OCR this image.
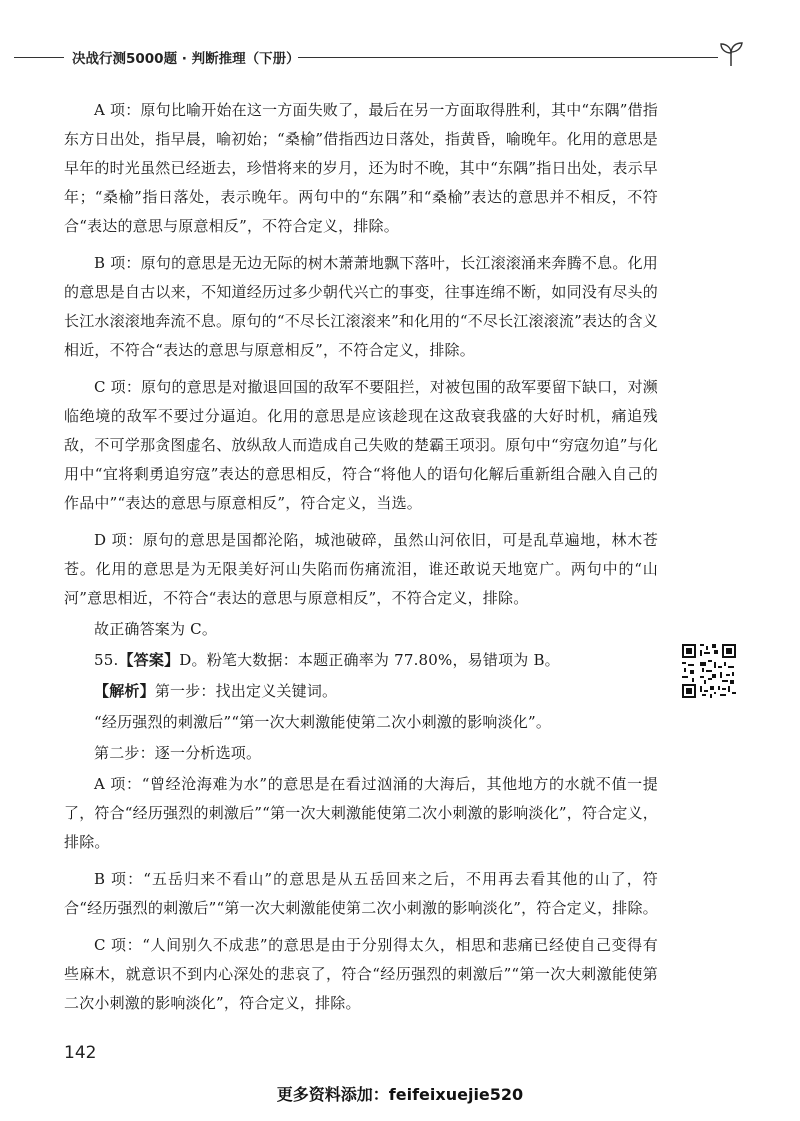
决战行测5000题 · 判断推理（下册）

A 项：原句比喻开始在这一方面失败了，最后在另一方面取得胜利，其中“东隅”借指东方日出处，指早晨，喻初始；“桑榆”借指西边日落处，指黄昏，喻晚年。化用的意思是早年的时光虽然已经逝去，珍惜将来的岁月，还为时不晚，其中“东隅”指日出处，表示早年；“桑榆”指日落处，表示晚年。两句中的“东隅”和“桑榆”表达的意思并不相反，不符合“表达的意思与原意相反”，不符合定义，排除。

B 项：原句的意思是无边无际的树木萧萧地飘下落叶，长江滚滚涌来奔腾不息。化用的意思是自古以来，不知道经历过多少朝代兴亡的事变，往事连绵不断，如同没有尽头的长江水滚滚地奔流不息。原句的“不尽长江滚滚来”和化用的“不尽长江滚滚流”表达的含义相近，不符合“表达的意思与原意相反”，不符合定义，排除。

C 项：原句的意思是对撤退回国的敌军不要阻拦，对被包围的敌军要留下缺口，对濒临绝境的敌军不要过分逼迫。化用的意思是应该趁现在这敌衰我盛的大好时机，痛追残敌，不可学那贪图虚名、放纵敌人而造成自己失败的楚霸王项羽。原句中“穷寇勿追”与化用中“宜将剩勇追穷寇”表达的意思相反，符合“将他人的语句化解后重新组合融入自己的作品中”“表达的意思与原意相反”，符合定义，当选。

D 项：原句的意思是国都沦陷，城池破碎，虽然山河依旧，可是乱草遍地，林木苍苍。化用的意思是为无限美好河山失陷而伤痛流泪，谁还敢说天地宽广。两句中的“山河”意思相近，不符合“表达的意思与原意相反”，不符合定义，排除。

故正确答案为 C。

55.【答案】D。粉笔大数据：本题正确率为 77.80%，易错项为 B。

【解析】第一步：找出定义关键词。

“经历强烈的刺激后”“第一次大刺激能使第二次小刺激的影响淡化”。

第二步：逐一分析选项。

A 项：“曾经沧海难为水”的意思是在看过汹涌的大海后，其他地方的水就不值一提了，符合“经历强烈的刺激后”“第一次大刺激能使第二次小刺激的影响淡化”，符合定义，排除。

B 项：“五岳归来不看山”的意思是从五岳回来之后，不用再去看其他的山了，符合“经历强烈的刺激后”“第一次大刺激能使第二次小刺激的影响淡化”，符合定义，排除。

C 项：“人间别久不成悲”的意思是由于分别得太久，相思和悲痛已经使自己变得有些麻木，就意识不到内心深处的悲哀了，符合“经历强烈的刺激后”“第一次大刺激能使第二次小刺激的影响淡化”，符合定义，排除。

142
更多资料添加：feifeixuejie520
